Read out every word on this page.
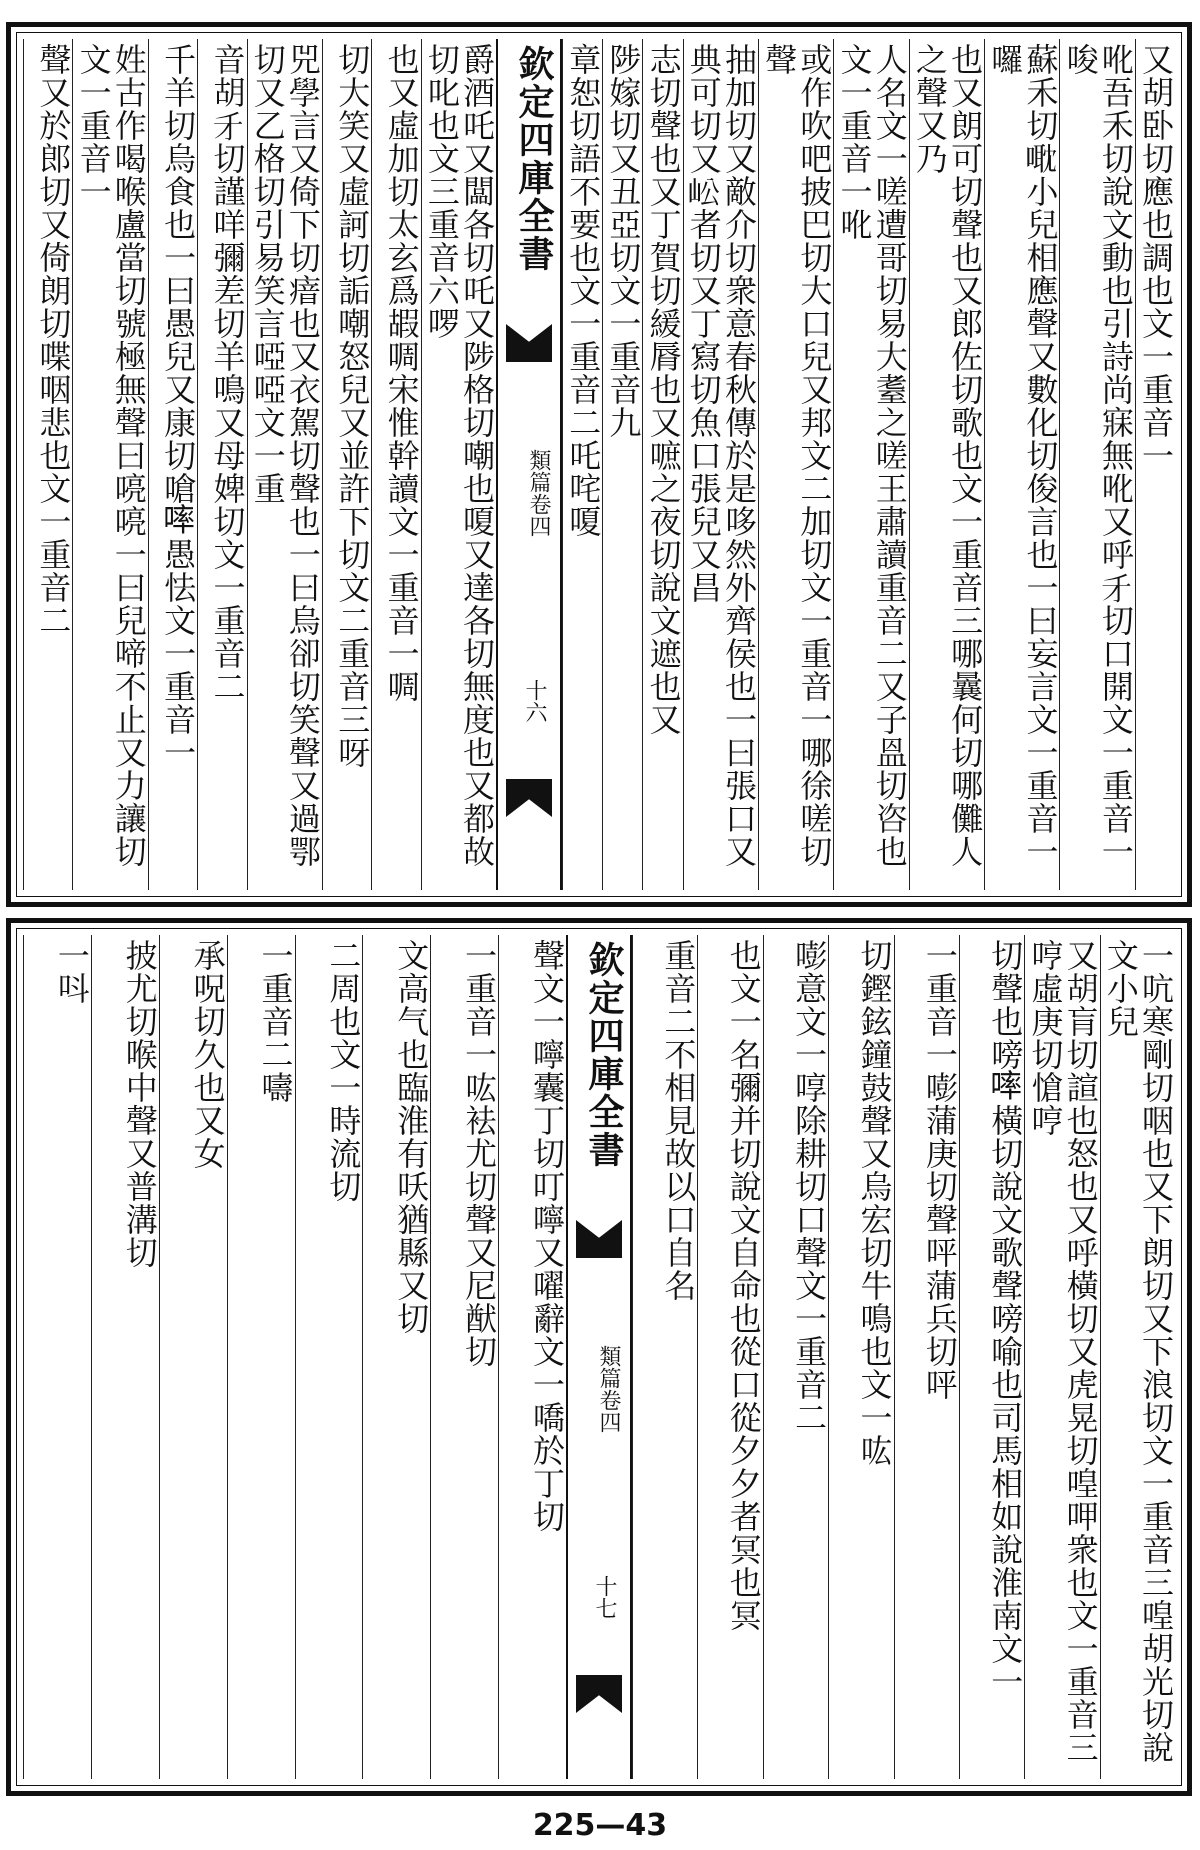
又胡卧切應也調也文一重音一
吪吾禾切說文動也引詩尚寐無吪又呼𠄒切口開文一重音一唆
蘇禾切𠹆小兒相應聲又數化切俊言也一曰妄言文一重音一囉
也又朗可切聲也又郎佐切歌也文一重音三哪曩何切哪儺人之聲又乃
人名文一嗟遭哥切易大耋之嗟王肅讀重音二又子𥁕切咨也文一重音一吪
或作吹吧披巴切大口兒又邦文二加切文一重音一哪徐嗟切聲
抽加切又敵介切衆意春秋傳於是哆然外齊侯也一曰張口又典可切又𡵴者切又丁寫切魚口張兒又昌
志切聲也又丁賀切緩脣也又嗻之夜切說文遮也又
陟嫁切又丑亞切文一重音九
章恕切語不要也文一重音二吒咤嗄
欽定四庫全書
類篇卷四
十六
爵酒吒又闆各切吒又陟格切嘲也嗄又達各切無度也又都故切叱也文三重音六啰
也又虛加切太玄爲嘏啁宋惟幹讀文一重音一啁
切大笑又虛訶切詬嘲怒兒又並許下切文二重音三呀
兕學言又倚下切瘖也又衣駕切聲也一曰烏卻切笑聲又過鄂切又乙格切引易笑言啞啞文一重
音胡𠄒切謹咩彌差切羊鳴又母婢切文一重音二
千羊切烏食也一曰愚兒又康切嗆𠻜愚怯文一重音一
姓古作喝喉盧當切號極無聲曰喨喨一曰兒啼不止又力讓切文一重音一
聲又於郎切又倚朗切喋咽悲也文一重音二
一吭寒剛切咽也又下朗切又下浪切文一重音三喤胡光切說文小兒
又胡肓切諠也怒也又呼橫切又虎晃切喤呷衆也文一重音三哼虛庚切愴哼
切聲也嗙𠻜橫切說文歌聲嗙喻也司馬相如說淮南文一
一重音一嘭蒲庚切聲呯蒲兵切呯
切鏗鉉鐘鼓聲又烏宏切牛鳴也文一吰
嘭意文一啍除耕切口聲文一重音二
也文一名彌并切說文自命也從口從夕夕者冥也冥
重音二不相見故以口自名
欽定四庫全書
類篇卷四
十七
聲文一嚀囊丁切叮嚀又嚁辭文一嘺於丁切
一重音一吰袪尤切聲又尼猷切
文高气也臨淮有㕭猶縣又切
二周也文一時流切
一重音二嚋
承呪切久也又女
披尤切喉中聲又普溝切
一呌
225—43
